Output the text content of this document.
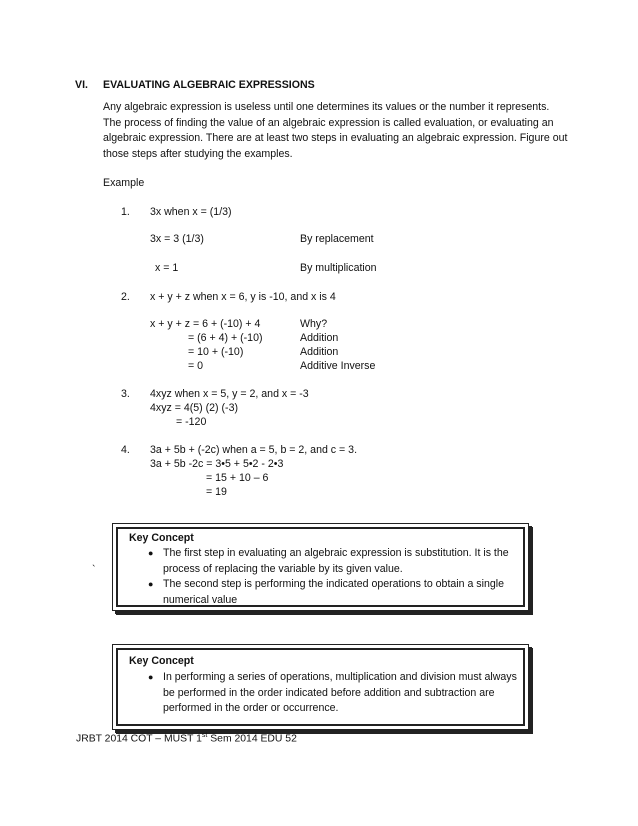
VI. EVALUATING ALGEBRAIC EXPRESSIONS
Any algebraic expression is useless until one determines its values or the number it represents.
The process of finding the value of an algebraic expression is called evaluation, or evaluating an
algebraic expression. There are at least two steps in evaluating an algebraic expression. Figure out
those steps after studying the examples.
Example
1. 3x when x = (1/3)
3x = 3 (1/3)	By replacement
x = 1	By multiplication
2. x + y + z when x = 6, y is -10, and x is 4
x + y + z = 6 + (-10) + 4	Why?
= (6 + 4) + (-10)	Addition
= 10 + (-10)	Addition
= 0	Additive Inverse
3. 4xyz when x = 5, y = 2, and x = -3
4xyz = 4(5) (2) (-3)
= -120
4. 3a + 5b + (-2c) when a = 5, b = 2, and c = 3.
3a + 5b -2c = 3•5 + 5•2 - 2•3
= 15 + 10 – 6
= 19
`
Key Concept
● The first step in evaluating an algebraic expression is substitution. It is the
process of replacing the variable by its given value.
● The second step is performing the indicated operations to obtain a single
numerical value
Key Concept
● In performing a series of operations, multiplication and division must always
be performed in the order indicated before addition and subtraction are
performed in the order or occurrence.
JRBT 2014 COT – MUST 1st Sem 2014 EDU 52
